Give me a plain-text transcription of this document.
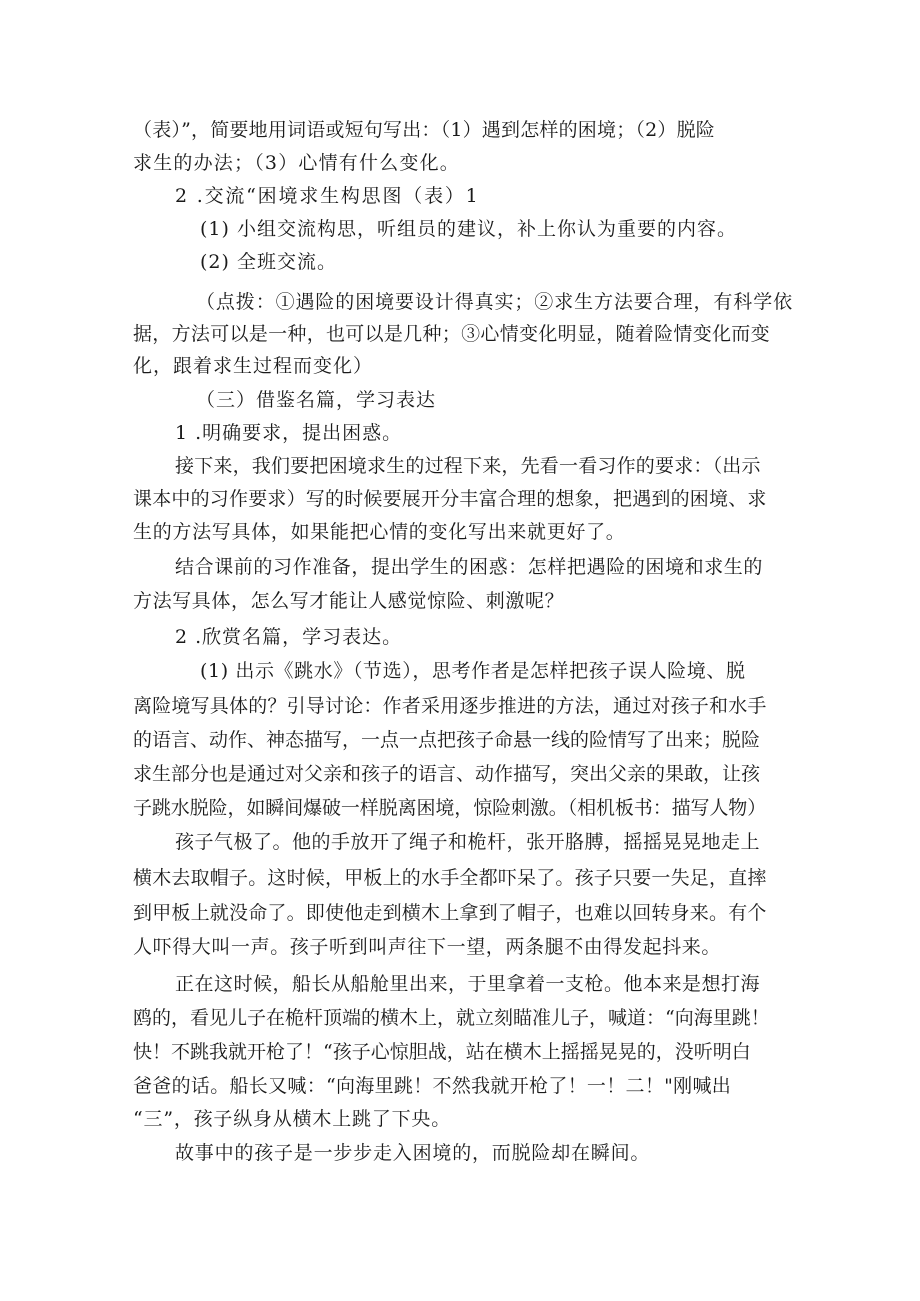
（表）”，简要地用词语或短句写出：（1）遇到怎样的困境；（2）脱险
求生的办法；（3）心情有什么变化。
2 .交流“困境求生构思图（表）1
(1) 小组交流构思，听组员的建议，补上你认为重要的内容。
(2) 全班交流。
（点拨：①遇险的困境要设计得真实；②求生方法要合理，有科学依
据，方法可以是一种，也可以是几种；③心情变化明显，随着险情变化而变
化，跟着求生过程而变化）
（三）借鉴名篇，学习表达
1 .明确要求，提出困惑。
接下来，我们要把困境求生的过程下来，先看一看习作的要求：（出示
课本中的习作要求）写的时候要展开分丰富合理的想象，把遇到的困境、求
生的方法写具体，如果能把心情的变化写出来就更好了。
结合课前的习作准备，提出学生的困惑：怎样把遇险的困境和求生的
方法写具体，怎么写才能让人感觉惊险、刺激呢？
2 .欣赏名篇，学习表达。
(1) 出示《跳水》（节选），思考作者是怎样把孩子误人险境、脱
离险境写具体的？引导讨论：作者采用逐步推进的方法，通过对孩子和水手
的语言、动作、神态描写，一点一点把孩子命悬一线的险情写了出来；脱险
求生部分也是通过对父亲和孩子的语言、动作描写，突出父亲的果敢，让孩
子跳水脱险，如瞬间爆破一样脱离困境，惊险刺激。（相机板书：描写人物）
孩子气极了。他的手放开了绳子和桅杆，张开胳膊，摇摇晃晃地走上
横木去取帽子。这时候，甲板上的水手全都吓呆了。孩子只要一失足，直摔
到甲板上就没命了。即使他走到横木上拿到了帽子，也难以回转身来。有个
人吓得大叫一声。孩子听到叫声往下一望，两条腿不由得发起抖来。
正在这时候，船长从船舱里出来，于里拿着一支枪。他本来是想打海
鸥的，看见儿子在桅杆顶端的横木上，就立刻瞄准儿子，喊道：“向海里跳！
快！不跳我就开枪了！“孩子心惊胆战，站在横木上摇摇晃晃的，没听明白
爸爸的话。船长又喊：“向海里跳！不然我就开枪了！一！二！"刚喊出
“三”，孩子纵身从横木上跳了下央。
故事中的孩子是一步步走入困境的，而脱险却在瞬间。
